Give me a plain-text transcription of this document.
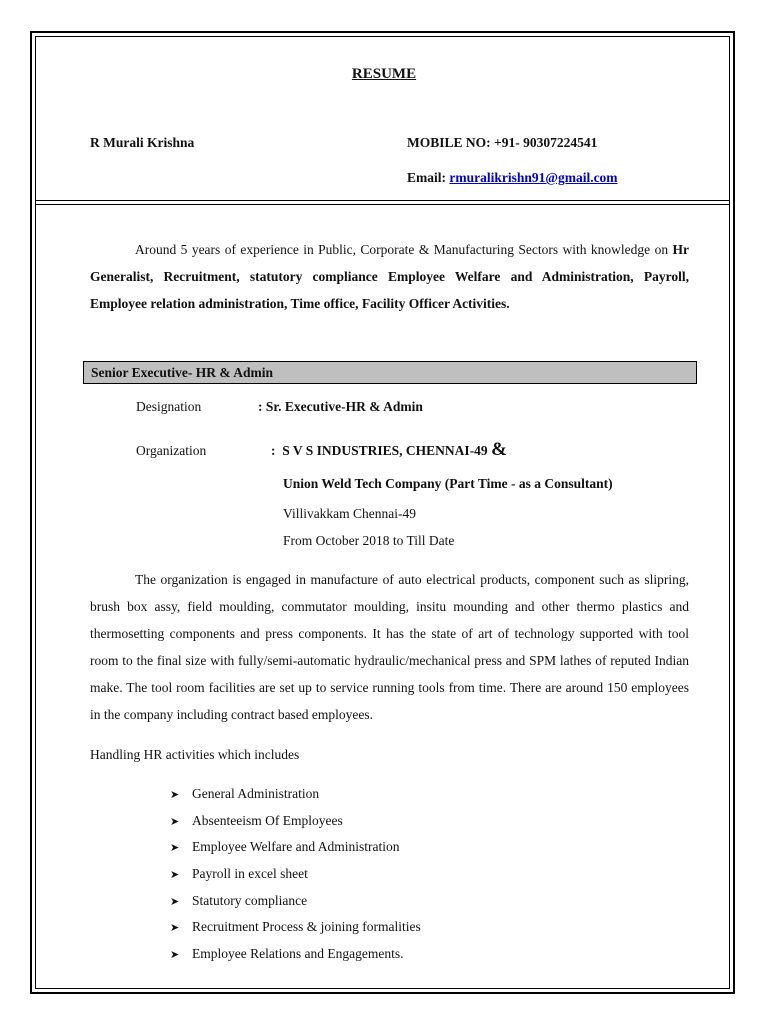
RESUME
R Murali Krishna	MOBILE NO: +91- 90307224541
Email: rmuralikrishn91@gmail.com
Around 5 years of experience in Public, Corporate & Manufacturing Sectors with knowledge on Hr Generalist, Recruitment, statutory compliance Employee Welfare and Administration, Payroll, Employee relation administration, Time office, Facility Officer Activities.
Senior Executive- HR & Admin
Designation	: Sr. Executive-HR & Admin
Organization	: S V S INDUSTRIES, CHENNAI-49 &
Union Weld Tech Company (Part Time - as a Consultant)
Villivakkam Chennai-49
From October 2018 to Till Date
The organization is engaged in manufacture of auto electrical products, component such as slipring, brush box assy, field moulding, commutator moulding, insitu mounding and other thermo plastics and thermosetting components and press components. It has the state of art of technology supported with tool room to the final size with fully/semi-automatic hydraulic/mechanical press and SPM lathes of reputed Indian make. The tool room facilities are set up to service running tools from time. There are around 150 employees in the company including contract based employees.
Handling HR activities which includes
➤ General Administration
➤ Absenteeism Of Employees
➤ Employee Welfare and Administration
➤ Payroll in excel sheet
➤ Statutory compliance
➤ Recruitment Process & joining formalities
➤ Employee Relations and Engagements.
